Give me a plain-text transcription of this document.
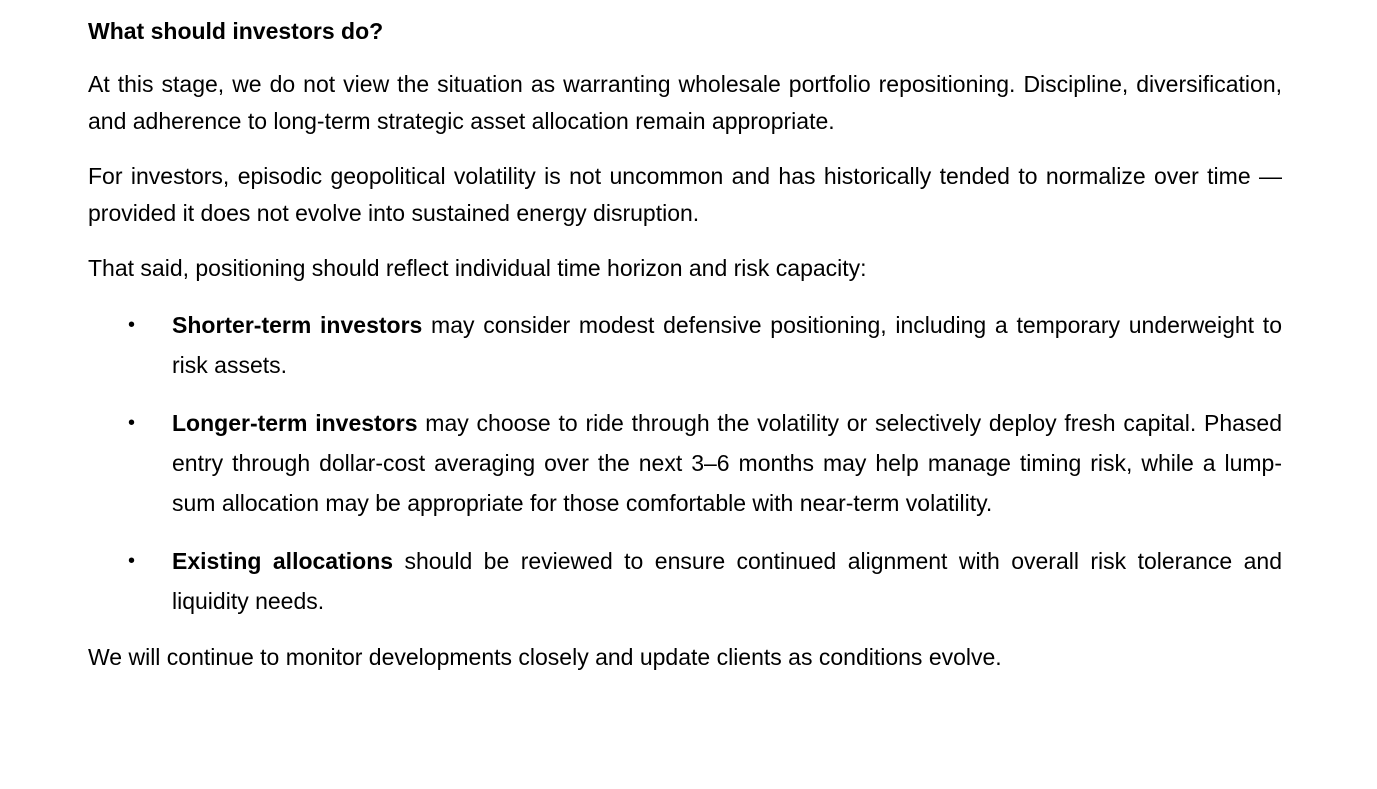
What should investors do?

At this stage, we do not view the situation as warranting wholesale portfolio repositioning. Discipline, diversification, and adherence to long-term strategic asset allocation remain appropriate.

For investors, episodic geopolitical volatility is not uncommon and has historically tended to normalize over time — provided it does not evolve into sustained energy disruption.

That said, positioning should reflect individual time horizon and risk capacity:

• Shorter-term investors may consider modest defensive positioning, including a temporary underweight to risk assets.
• Longer-term investors may choose to ride through the volatility or selectively deploy fresh capital. Phased entry through dollar-cost averaging over the next 3–6 months may help manage timing risk, while a lump-sum allocation may be appropriate for those comfortable with near-term volatility.
• Existing allocations should be reviewed to ensure continued alignment with overall risk tolerance and liquidity needs.

We will continue to monitor developments closely and update clients as conditions evolve.
